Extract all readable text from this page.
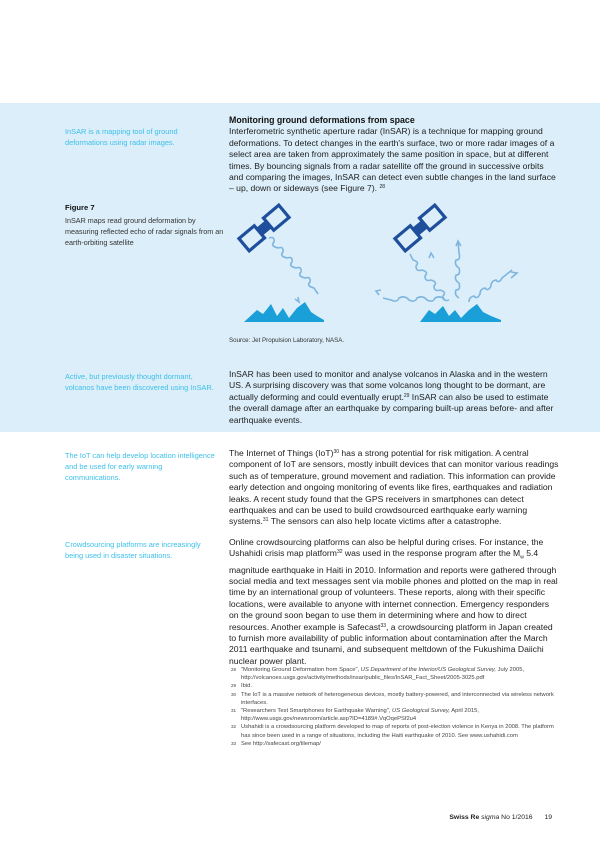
InSAR is a mapping tool of ground deformations using radar images.
Monitoring ground deformations from space

Interferometric synthetic aperture radar (InSAR) is a technique for mapping ground deformations. To detect changes in the earth's surface, two or more radar images of a select area are taken from approximately the same position in space, but at different times. By bouncing signals from a radar satellite off the ground in successive orbits and comparing the images, InSAR can detect even subtle changes in the land surface – up, down or sideways (see Figure 7). $^{28}$

Figure 7
InSAR maps read ground deformation by measuring reflected echo of radar signals from an earth-orbiting satellite
Source: Jet Propulsion Laboratory, NASA.
Active, but previously thought dormant, volcanos have been discovered using InSAR.

InSAR has been used to monitor and analyse volcanos in Alaska and in the western US. A surprising discovery was that some volcanos long thought to be dormant, are actually deforming and could eventually erupt.$^{29}$ InSAR can also be used to estimate the overall damage after an earthquake by comparing built-up areas before- and after earthquake events.

The IoT can help develop location intelligence and be used for early warning communications.

The Internet of Things (IoT)$^{30}$ has a strong potential for risk mitigation. A central component of IoT are sensors, mostly inbuilt devices that can monitor various readings such as of temperature, ground movement and radiation. This information can provide early detection and ongoing monitoring of events like fires, earthquakes and radiation leaks. A recent study found that the GPS receivers in smartphones can detect earthquakes and can be used to build crowdsourced earthquake early warning systems.$^{31}$ The sensors can also help locate victims after a catastrophe.

Crowdsourcing platforms are increasingly being used in disaster situations.

Online crowdsourcing platforms can also be helpful during crises. For instance, the Ushahidi crisis map platform$^{32}$ was used in the response program after the $M_w$ 5.4 magnitude earthquake in Haiti in 2010. Information and reports were gathered through social media and text messages sent via mobile phones and plotted on the map in real time by an international group of volunteers. These reports, along with their specific locations, were available to anyone with internet connection. Emergency responders on the ground soon began to use them in determining where and how to direct resources. Another example is Safecast$^{33}$, a crowdsourcing platform in Japan created to furnish more availability of public information about contamination after the March 2011 earthquake and tsunami, and subsequent meltdown of the Fukushima Daiichi nuclear power plant.

28 "Monitoring Ground Deformation from Space", US Department of the Interior/US Geological Survey, July 2005, http://volcanoes.usgs.gov/activity/methods/insar/public_files/InSAR_Fact_Sheet/2005-3025.pdf
29 Ibid.
30 The IoT is a massive network of heterogeneous devices, mostly battery-powered, and interconnected via wireless network interfaces.
31 "Researchers Test Smartphones for Earthquake Warning", US Geological Survey, April 2015, http://www.usgs.gov/newsroom/article.asp?ID=4189#.VqOqePSf2u4
32 Ushahidi is a crowdsourcing platform developed to map of reports of post-election violence in Kenya in 2008. The platform has since been used in a range of situations, including the Haiti earthquake of 2010. See www.ushahidi.com
33 See http://safecast.org/tilemap/
Swiss Re sigma No 1/2016 19
